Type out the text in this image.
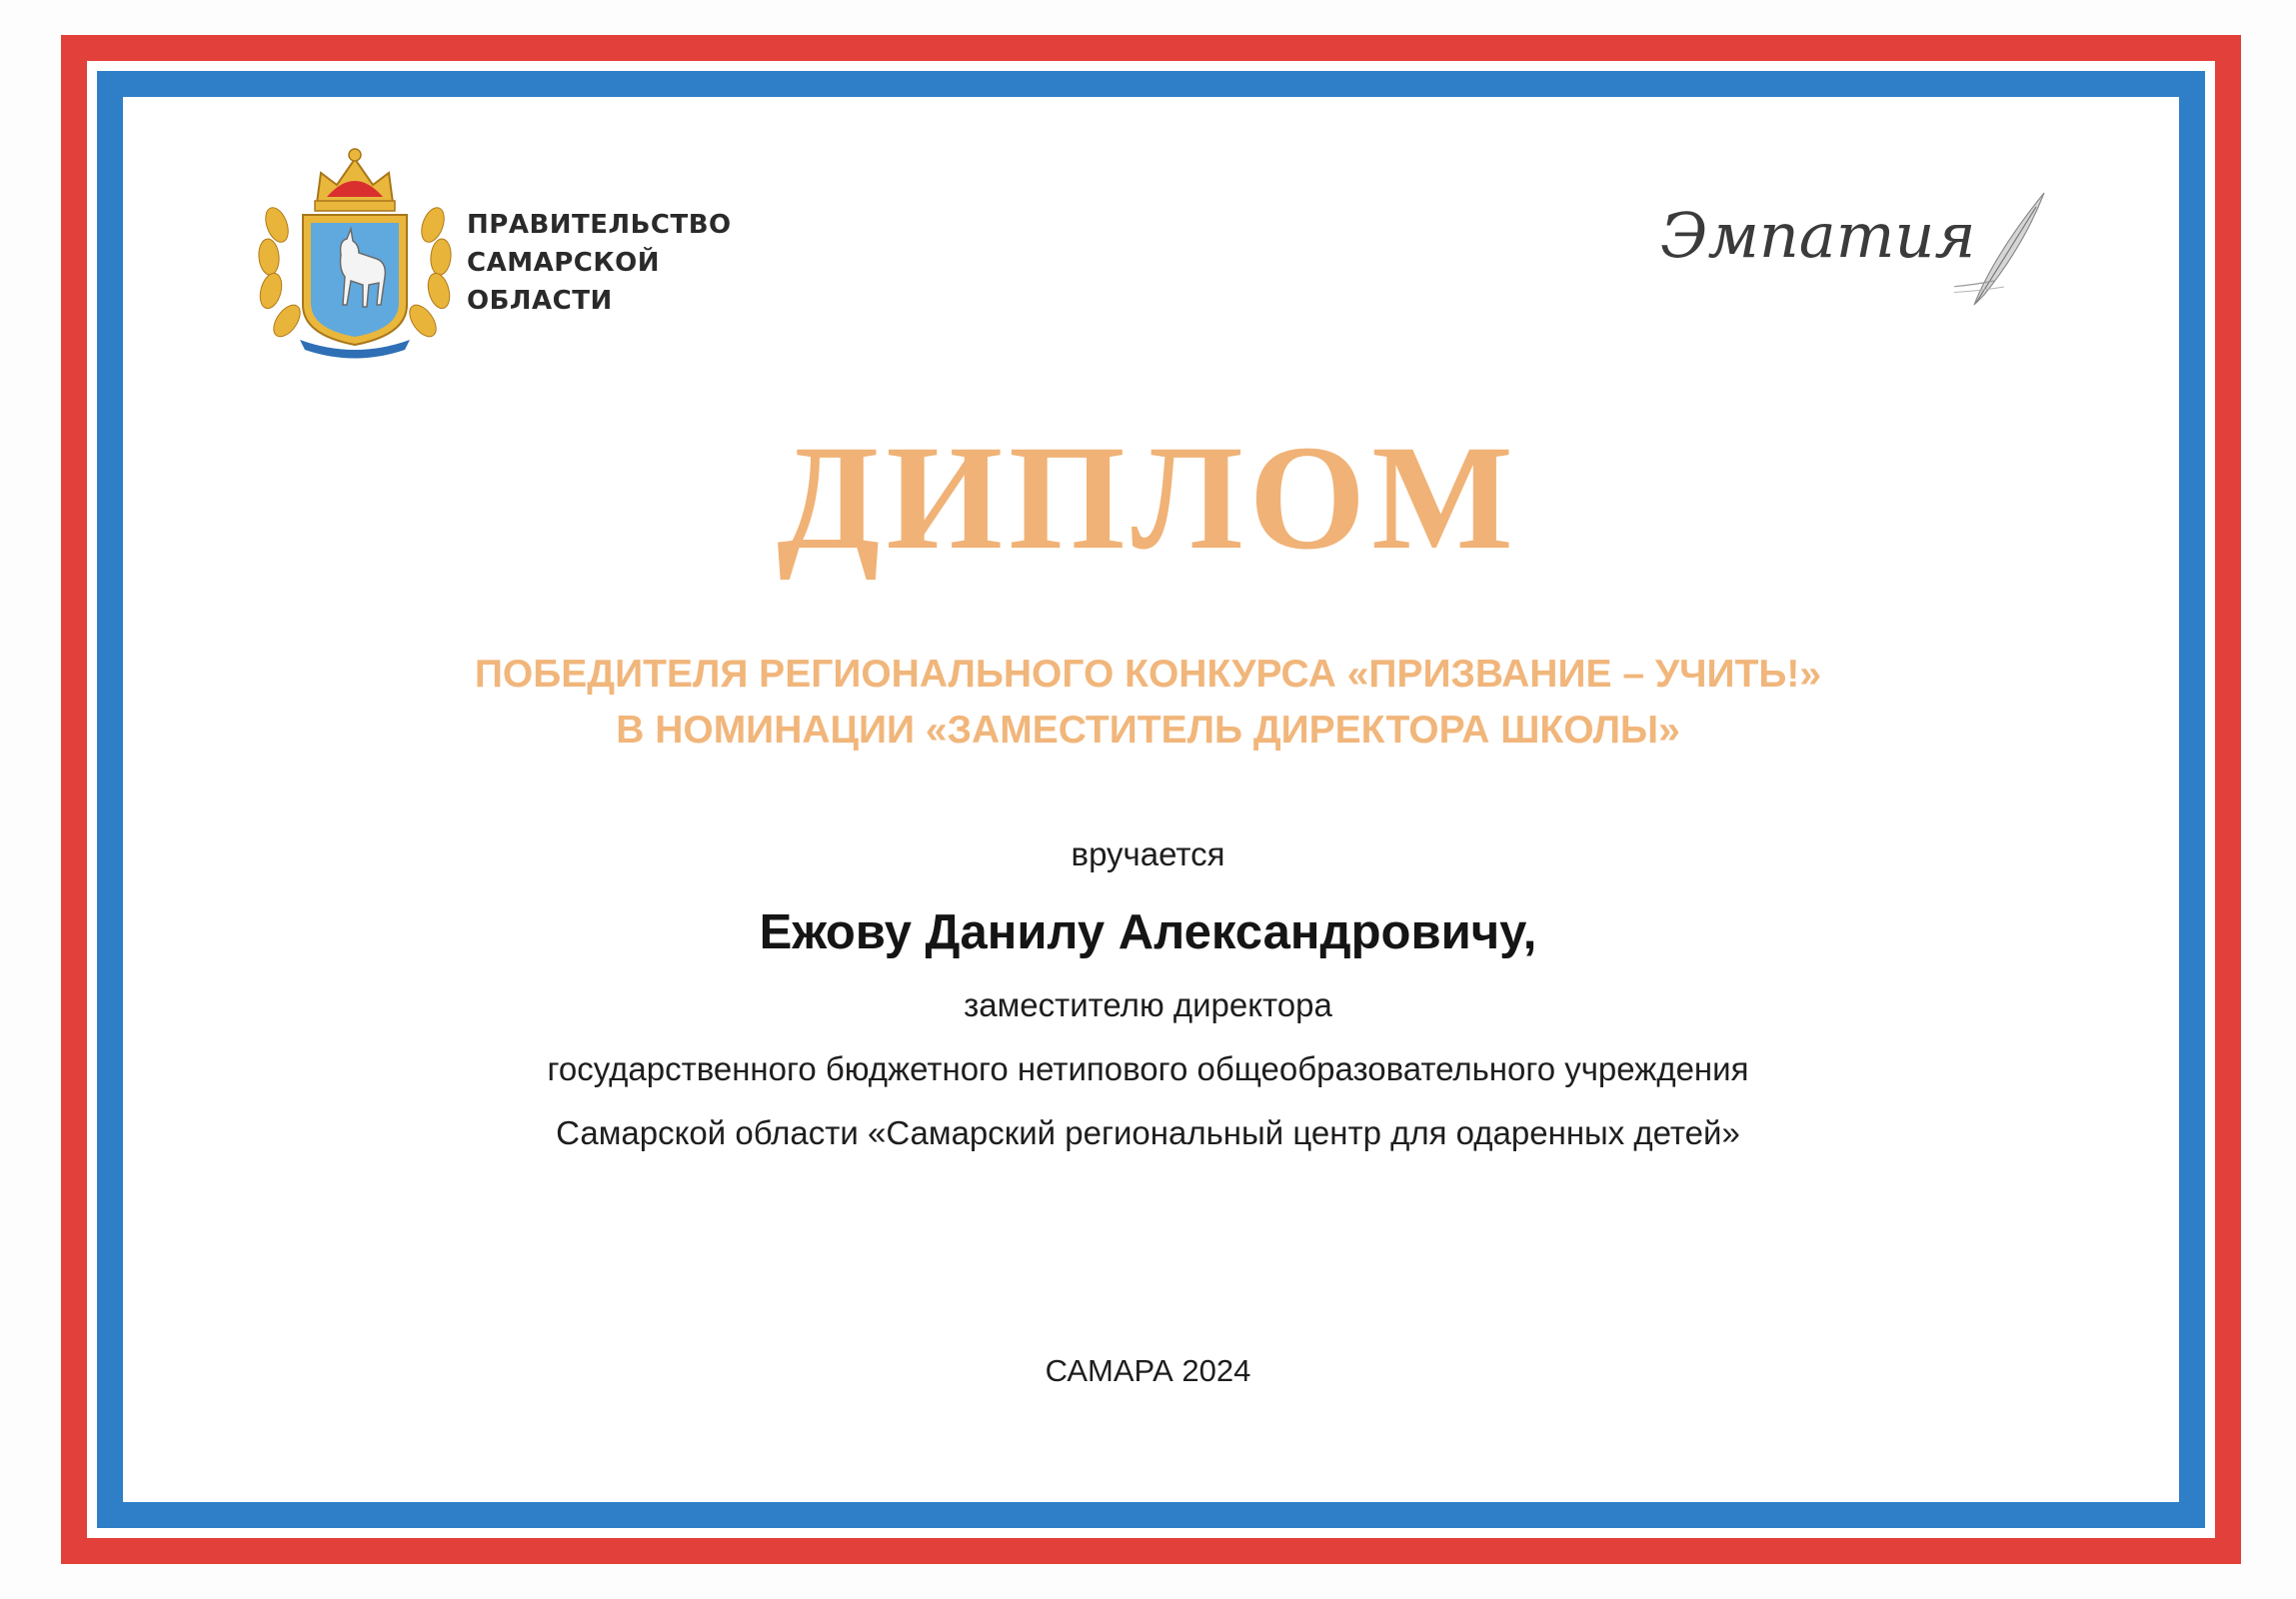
ПРАВИТЕЛЬСТВО
САМАРСКОЙ
ОБЛАСТИ
Эмпатия
ДИПЛОМ
ПОБЕДИТЕЛЯ РЕГИОНАЛЬНОГО КОНКУРСА «ПРИЗВАНИЕ – УЧИТЬ!»
В НОМИНАЦИИ «ЗАМЕСТИТЕЛЬ ДИРЕКТОРА ШКОЛЫ»
вручается
Ежову Данилу Александровичу,
заместителю директора
государственного бюджетного нетипового общеобразовательного учреждения
Самарской области «Самарский региональный центр для одаренных детей»
САМАРА 2024
